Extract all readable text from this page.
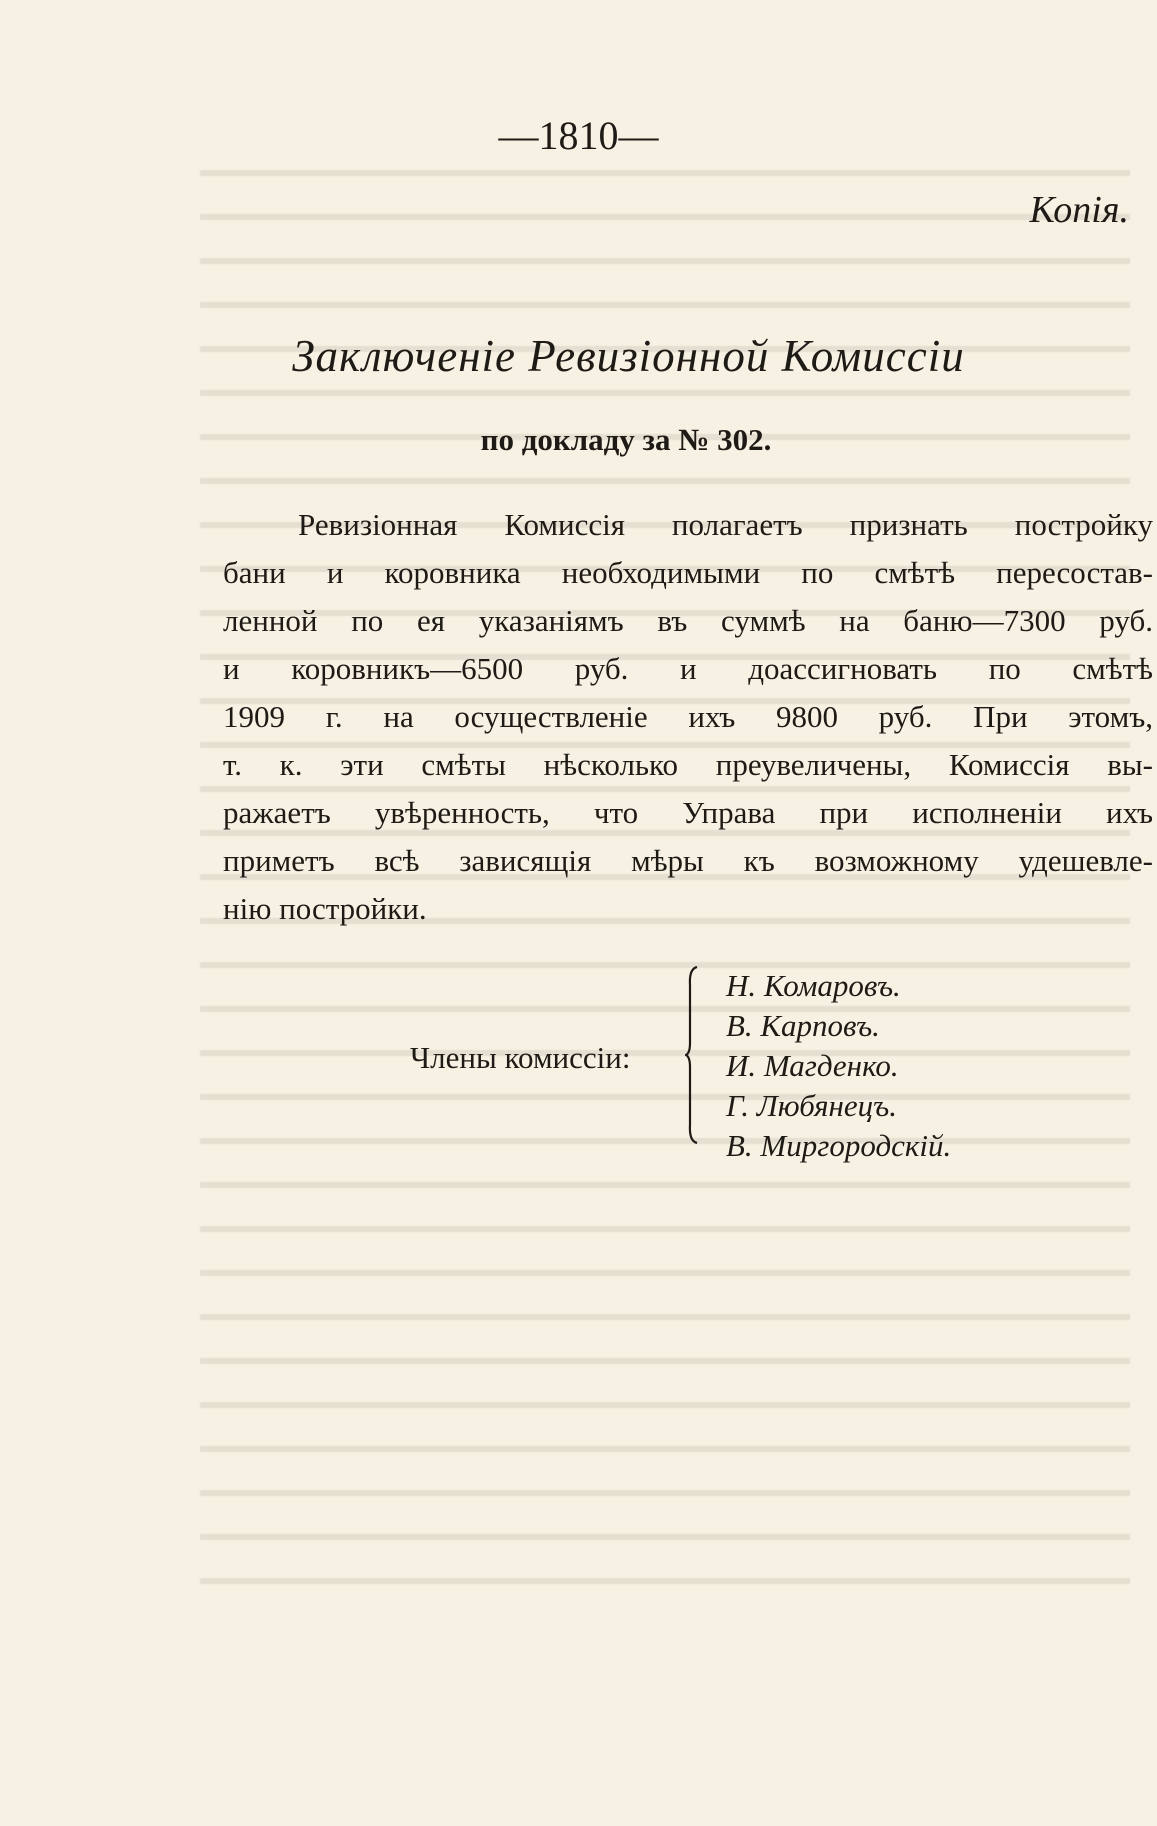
—1810—
Копія.
Заключеніе Ревизіонной Комиссіи
по докладу за № 302.
Ревизіонная Комиссія полагаетъ признать постройку
бани и коровника необходимыми по смѣтѣ пересостав-
ленной по ея указаніямъ въ суммѣ на баню—7300 руб.
и коровникъ—6500 руб. и доассигновать по смѣтѣ
1909 г. на осуществленіе ихъ 9800 руб. При этомъ,
т. к. эти смѣты нѣсколько преувеличены, Комиссія вы-
ражаетъ увѣренность, что Управа при исполненіи ихъ
приметъ всѣ зависящія мѣры къ возможному удешевле-
нію постройки.
Члены комиссіи:
Н. Комаровъ.
В. Карповъ.
И. Магденко.
Г. Любянецъ.
В. Миргородскій.
